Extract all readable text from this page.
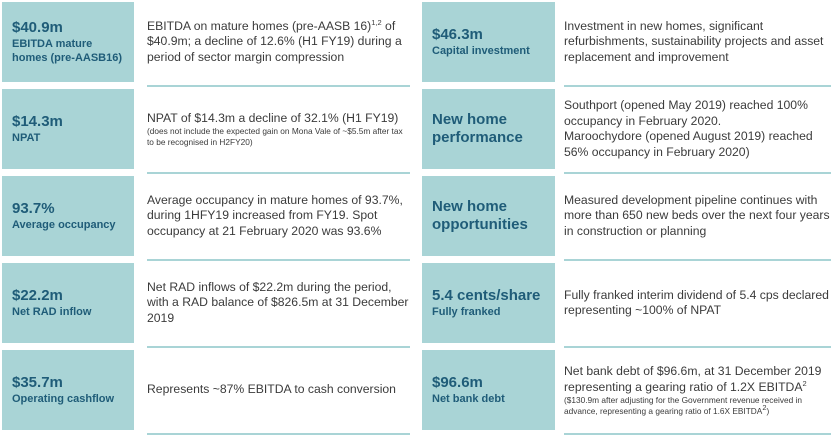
$40.9m
EBITDA mature
homes (pre-AASB16)
EBITDA on mature homes (pre-AASB 16)$^{1,2}$ of $40.9m; a decline of 12.6% (H1 FY19) during a period of sector margin compression
$14.3m
NPAT
NPAT of $14.3m a decline of 32.1% (H1 FY19)
(does not include the expected gain on Mona Vale of ~$5.5m after tax to be recognised in H2FY20)
93.7%
Average occupancy
Average occupancy in mature homes of 93.7%, during 1HFY19 increased from FY19. Spot occupancy at 21 February 2020 was 93.6%
$22.2m
Net RAD inflow
Net RAD inflows of $22.2m during the period, with a RAD balance of $826.5m at 31 December 2019
$35.7m
Operating cashflow
Represents ~87% EBITDA to cash conversion
$46.3m
Capital investment
Investment in new homes, significant refurbishments, sustainability projects and asset replacement and improvement
New home
performance
Southport (opened May 2019) reached 100% occupancy in February 2020.
Maroochydore (opened August 2019) reached 56% occupancy in February 2020)
New home
opportunities
Measured development pipeline continues with more than 650 new beds over the next four years in construction or planning
5.4 cents/share
Fully franked
Fully franked interim dividend of 5.4 cps declared representing ~100% of NPAT
$96.6m
Net bank debt
Net bank debt of $96.6m, at 31 December 2019 representing a gearing ratio of 1.2X EBITDA$^2$
($130.9m after adjusting for the Government revenue received in advance, representing a gearing ratio of 1.6X EBITDA$^2$)
